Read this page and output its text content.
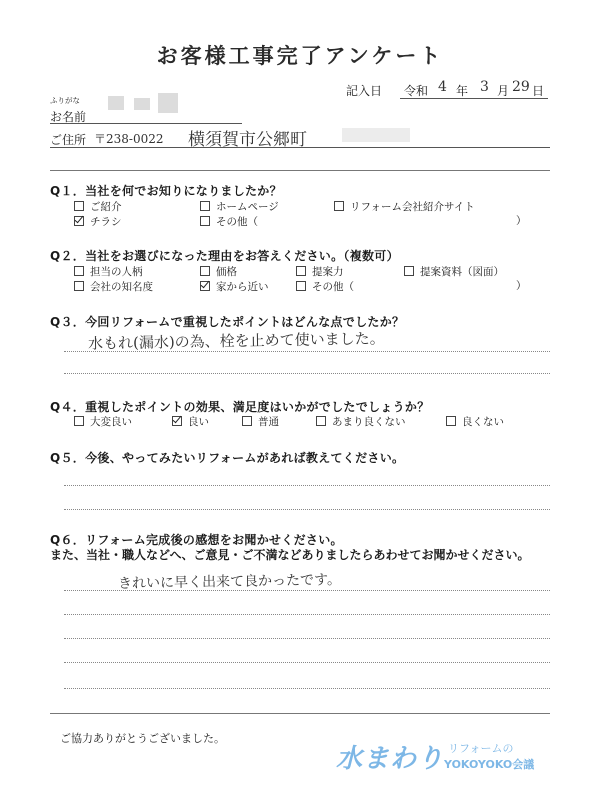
お客様工事完了アンケート
記入日 令和 4 年 3 月 29 日
ふりがな
お名前
ご住所 〒238-0022 横須賀市公郷町
Q１．当社を何でお知りになりましたか？
ご紹介	ホームページ	リフォーム会社紹介サイト
チラシ	その他（	）
Q２．当社をお選びになった理由をお答えください。（複数可）
担当の人柄	価格	提案力	提案資料（図面）
会社の知名度	家から近い	その他（	）
Q３．今回リフォームで重視したポイントはどんな点でしたか？
水もれ(漏水)の為、栓を止めて使いました。
Q４．重視したポイントの効果、満足度はいかがでしたでしょうか？
大変良い	良い	普通	あまり良くない	良くない
Q５．今後、やってみたいリフォームがあれば教えてください。
Q６．リフォーム完成後の感想をお聞かせください。
また、当社・職人などへ、ご意見・ご不満などありましたらあわせてお聞かせください。
きれいに早く出来て良かったです。
ご協力ありがとうございました。
水まわり リフォームの
YOKOYOKO会議
